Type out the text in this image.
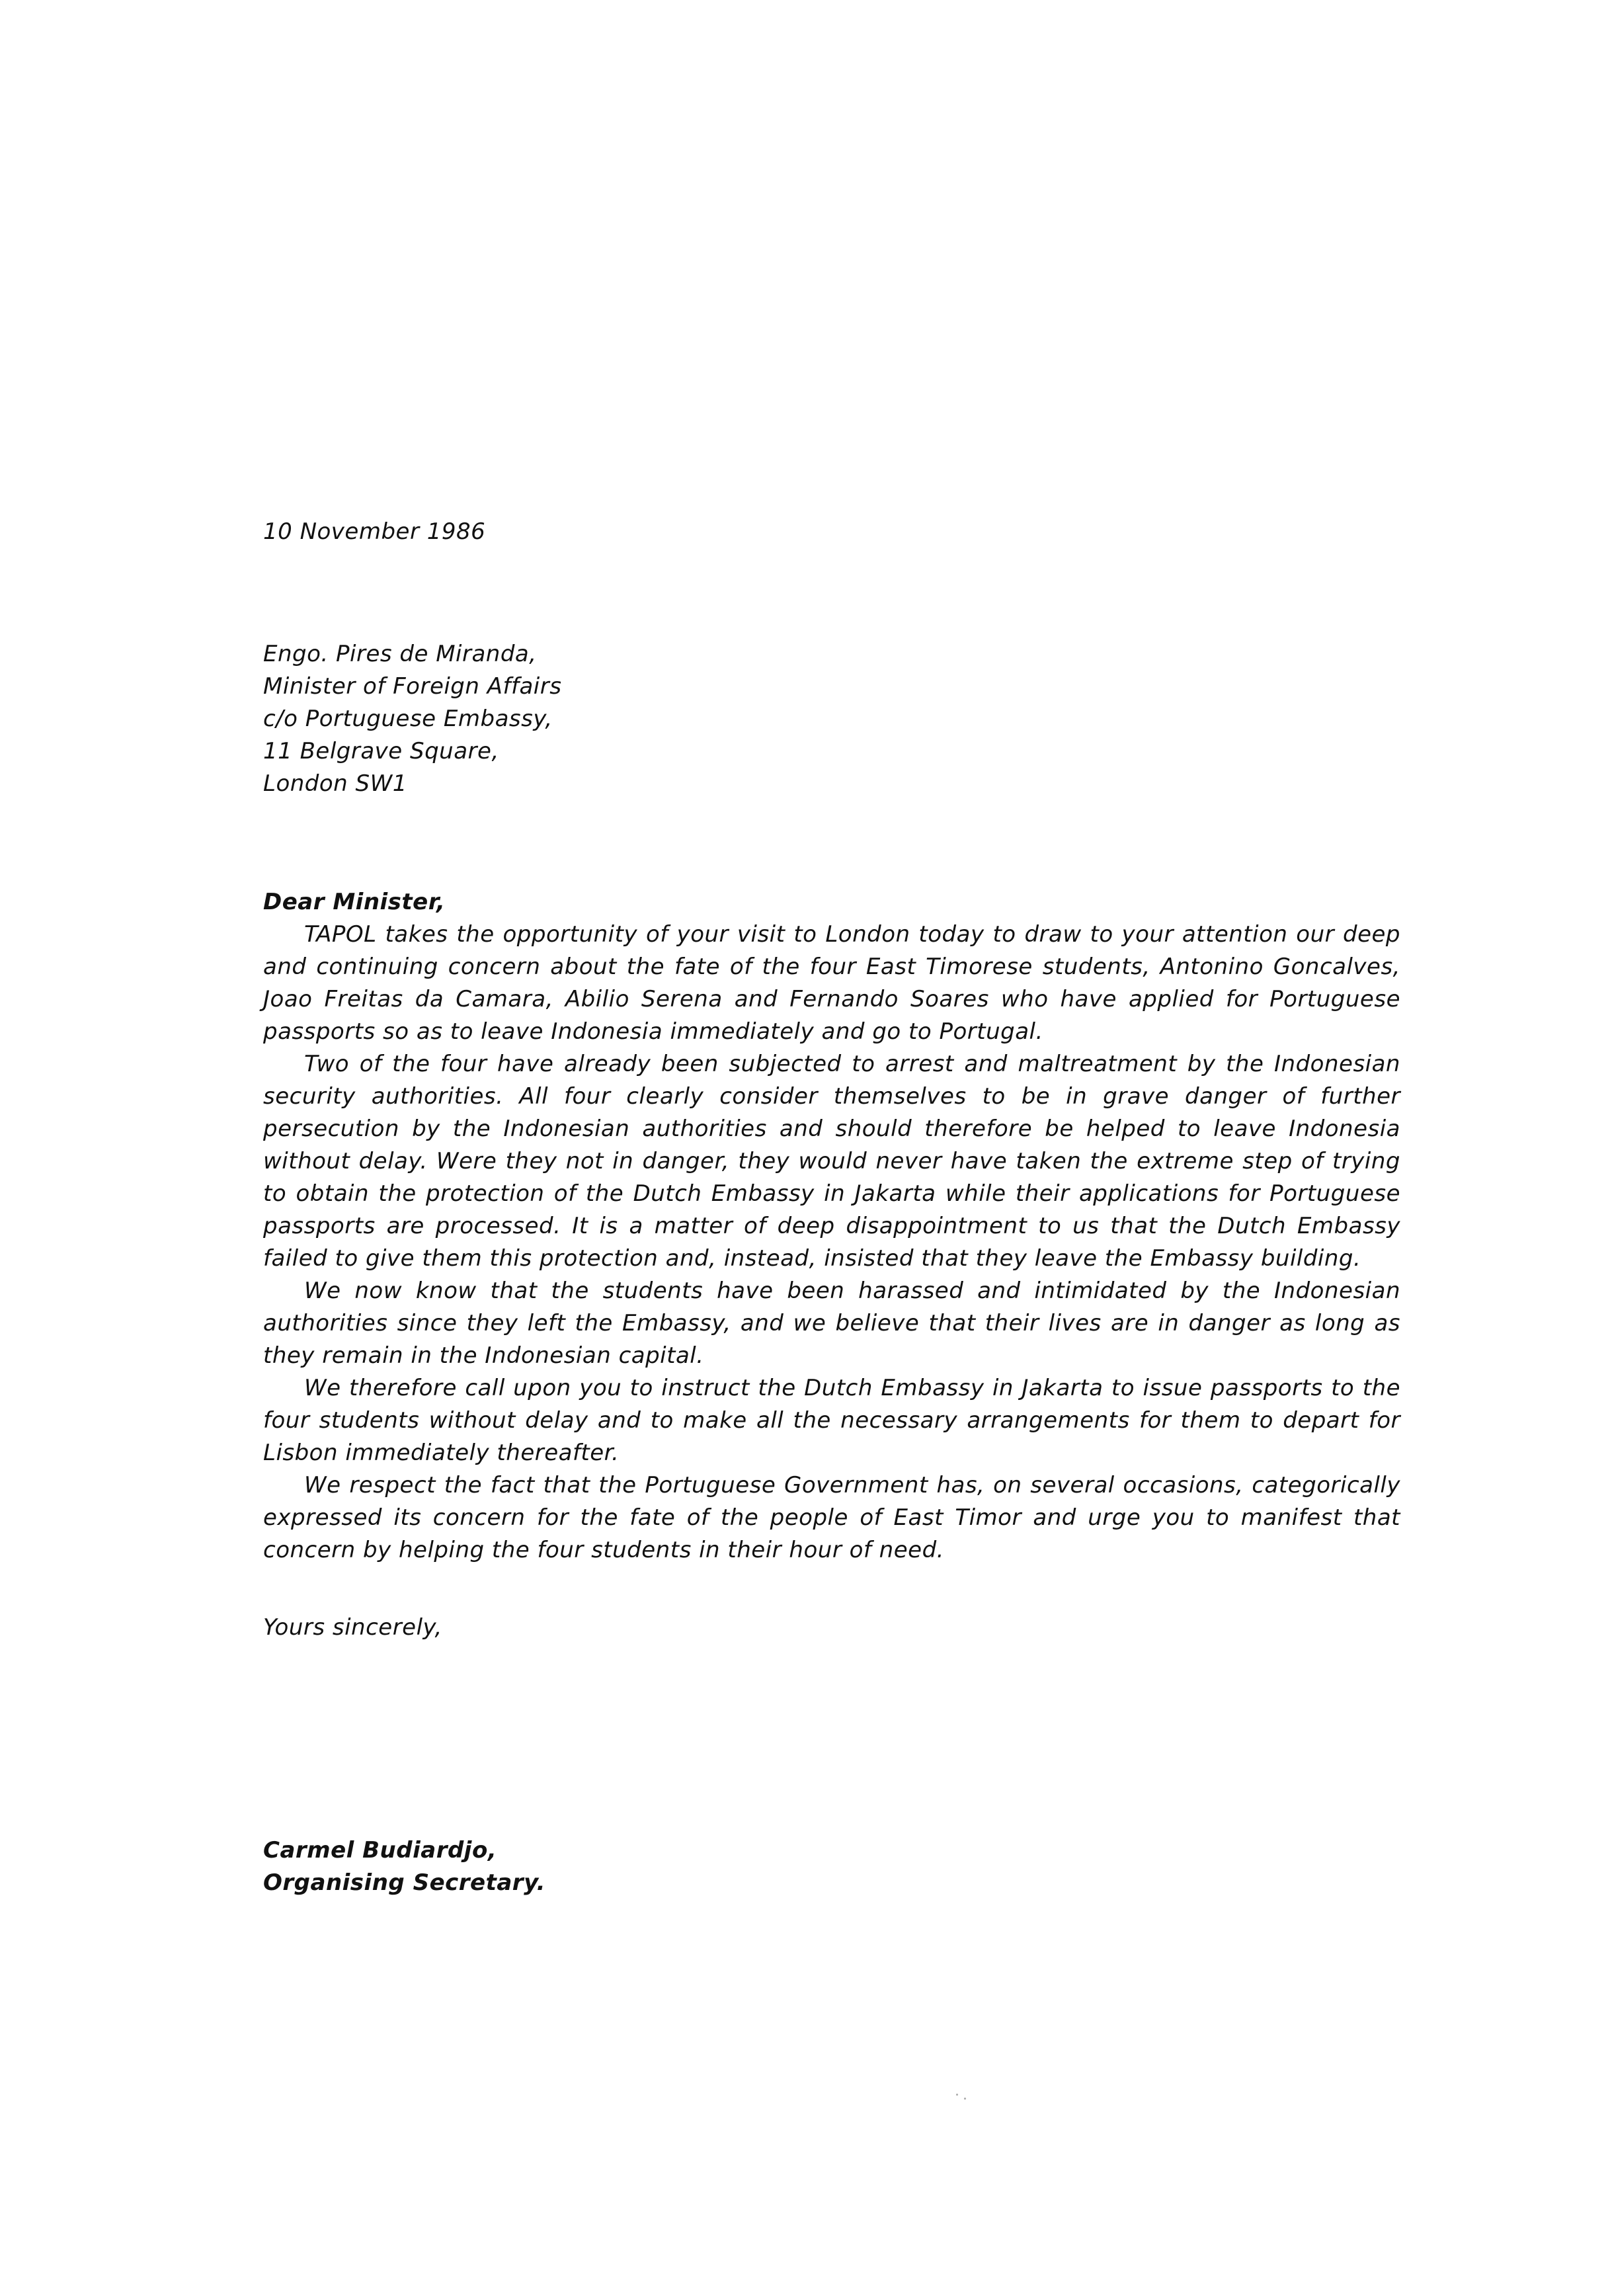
10 November 1986
Engo. Pires de Miranda,
Minister of Foreign Affairs
c/o Portuguese Embassy,
11 Belgrave Square,
London SW1
Dear Minister,

TAPOL takes the opportunity of your visit to London today to draw to your attention our deep and continuing concern about the fate of the four East Timorese students, Antonino Goncalves, Joao Freitas da Camara, Abilio Serena and Fernando Soares who have applied for Portuguese passports so as to leave Indonesia immediately and go to Portugal.

Two of the four have already been subjected to arrest and maltreatment by the Indonesian security authorities. All four clearly consider themselves to be in grave danger of further persecution by the Indonesian authorities and should therefore be helped to leave Indonesia without delay. Were they not in danger, they would never have taken the extreme step of trying to obtain the protection of the Dutch Embassy in Jakarta while their applications for Portuguese passports are processed. It is a matter of deep disappointment to us that the Dutch Embassy failed to give them this protection and, instead, insisted that they leave the Embassy building.

We now know that the students have been harassed and intimidated by the Indonesian authorities since they left the Embassy, and we believe that their lives are in danger as long as they remain in the Indonesian capital.

We therefore call upon you to instruct the Dutch Embassy in Jakarta to issue passports to the four students without delay and to make all the necessary arrangements for them to depart for Lisbon immediately thereafter.

We respect the fact that the Portuguese Government has, on several occasions, categorically expressed its concern for the fate of the people of East Timor and urge you to manifest that concern by helping the four students in their hour of need.

Yours sincerely,
Carmel Budiardjo,
Organising Secretary.
